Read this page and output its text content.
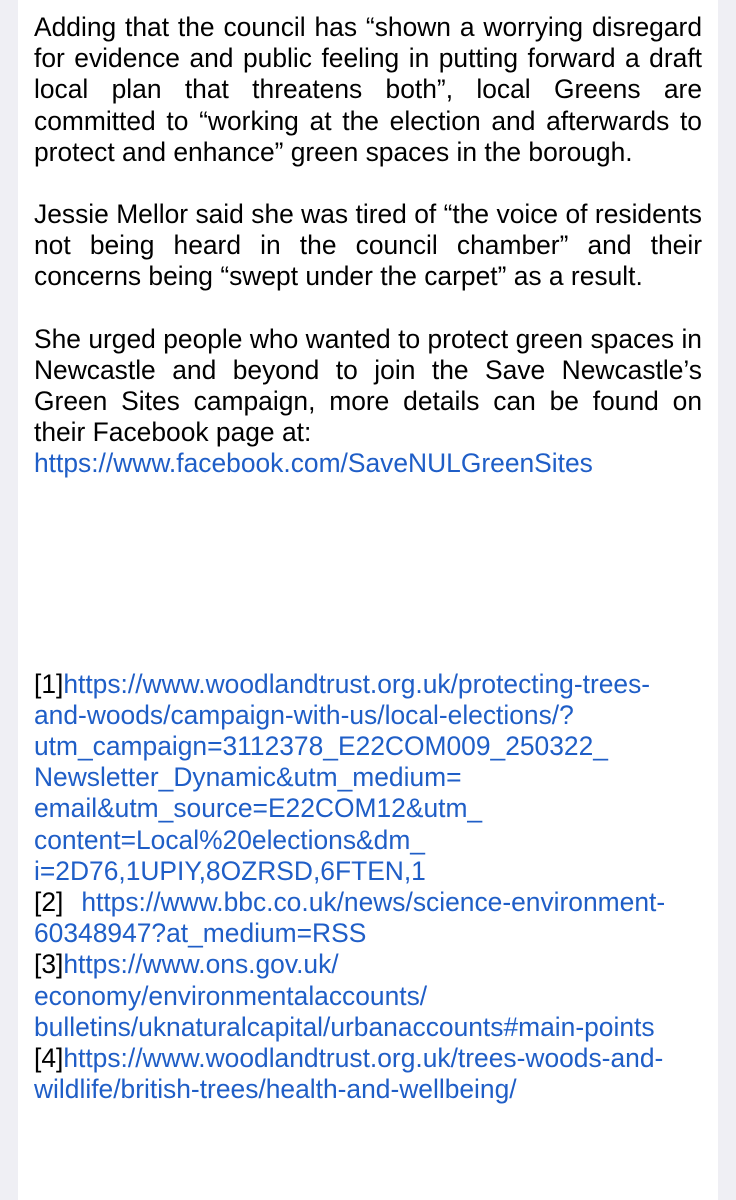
Adding that the council has “shown a worrying disregard for evidence and public feeling in putting forward a draft local plan that threatens both”, local Greens are committed to “working at the election and afterwards to protect and enhance” green spaces in the borough.

Jessie Mellor said she was tired of “the voice of residents not being heard in the council chamber” and their concerns being “swept under the carpet” as a result.

She urged people who wanted to protect green spaces in Newcastle and beyond to join the Save Newcastle’s Green Sites campaign, more details can be found on their Facebook page at:
https://www.facebook.com/SaveNULGreenSites

[1]https://www.woodlandtrust.org.uk/protecting-trees-
and-woods/campaign-with-us/local-elections/?
utm_campaign=3112378_E22COM009_250322_
Newsletter_Dynamic&utm_medium=
email&utm_source=E22COM12&utm_
content=Local%20elections&dm_
i=2D76,1UPIY,8OZRSD,6FTEN,1
[2] https://www.bbc.co.uk/news/science-environment-
60348947?at_medium=RSS
[3]https://www.ons.gov.uk/
economy/environmentalaccounts/
bulletins/uknaturalcapital/urbanaccounts#main-points
[4]https://www.woodlandtrust.org.uk/trees-woods-and-
wildlife/british-trees/health-and-wellbeing/
